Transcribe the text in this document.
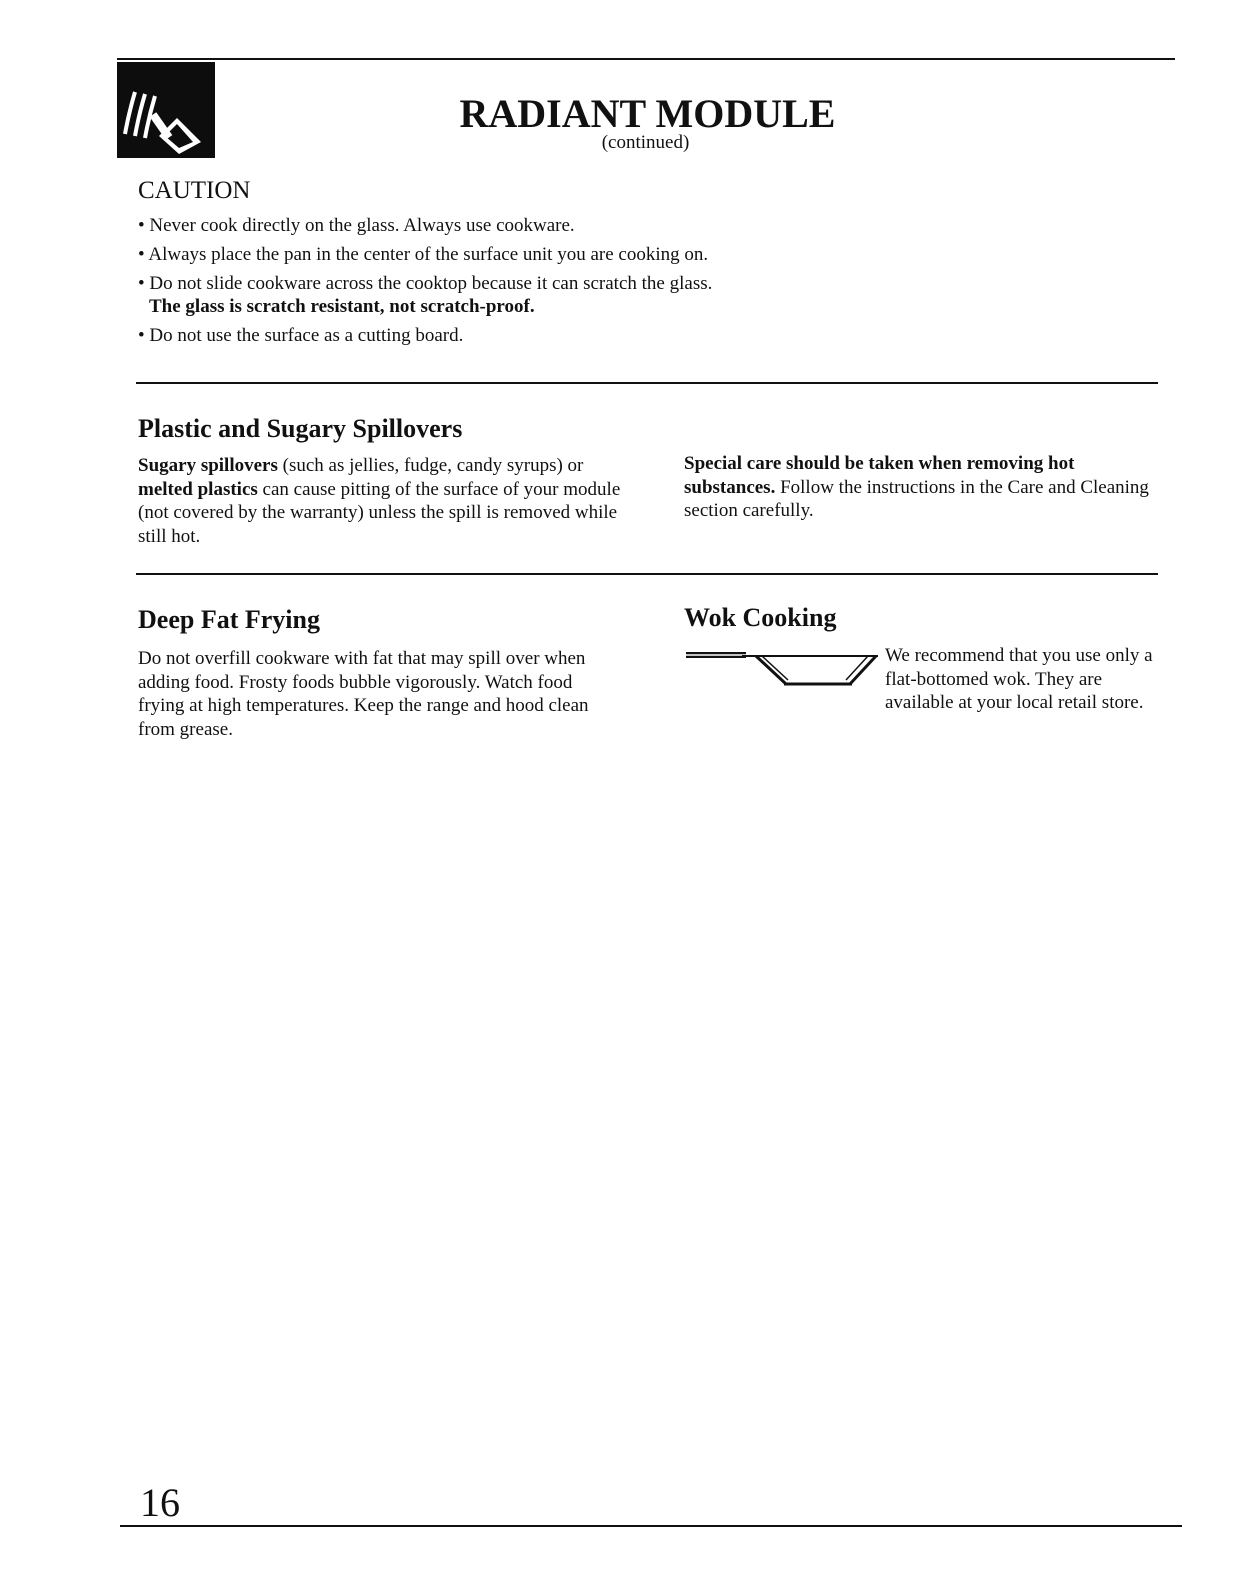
RADIANT MODULE
(continued)
CAUTION
• Never cook directly on the glass. Always use cookware.
• Always place the pan in the center of the surface unit you are cooking on.
• Do not slide cookware across the cooktop because it can scratch the glass.
The glass is scratch resistant, not scratch-proof.
• Do not use the surface as a cutting board.
Plastic and Sugary Spillovers
Sugary spillovers (such as jellies, fudge, candy syrups) or melted plastics can cause pitting of the surface of your module (not covered by the warranty) unless the spill is removed while still hot.
Special care should be taken when removing hot substances. Follow the instructions in the Care and Cleaning section carefully.
Deep Fat Frying
Do not overfill cookware with fat that may spill over when adding food. Frosty foods bubble vigorously. Watch food frying at high temperatures. Keep the range and hood clean from grease.
Wok Cooking
We recommend that you use only a flat-bottomed wok. They are available at your local retail store.
16
